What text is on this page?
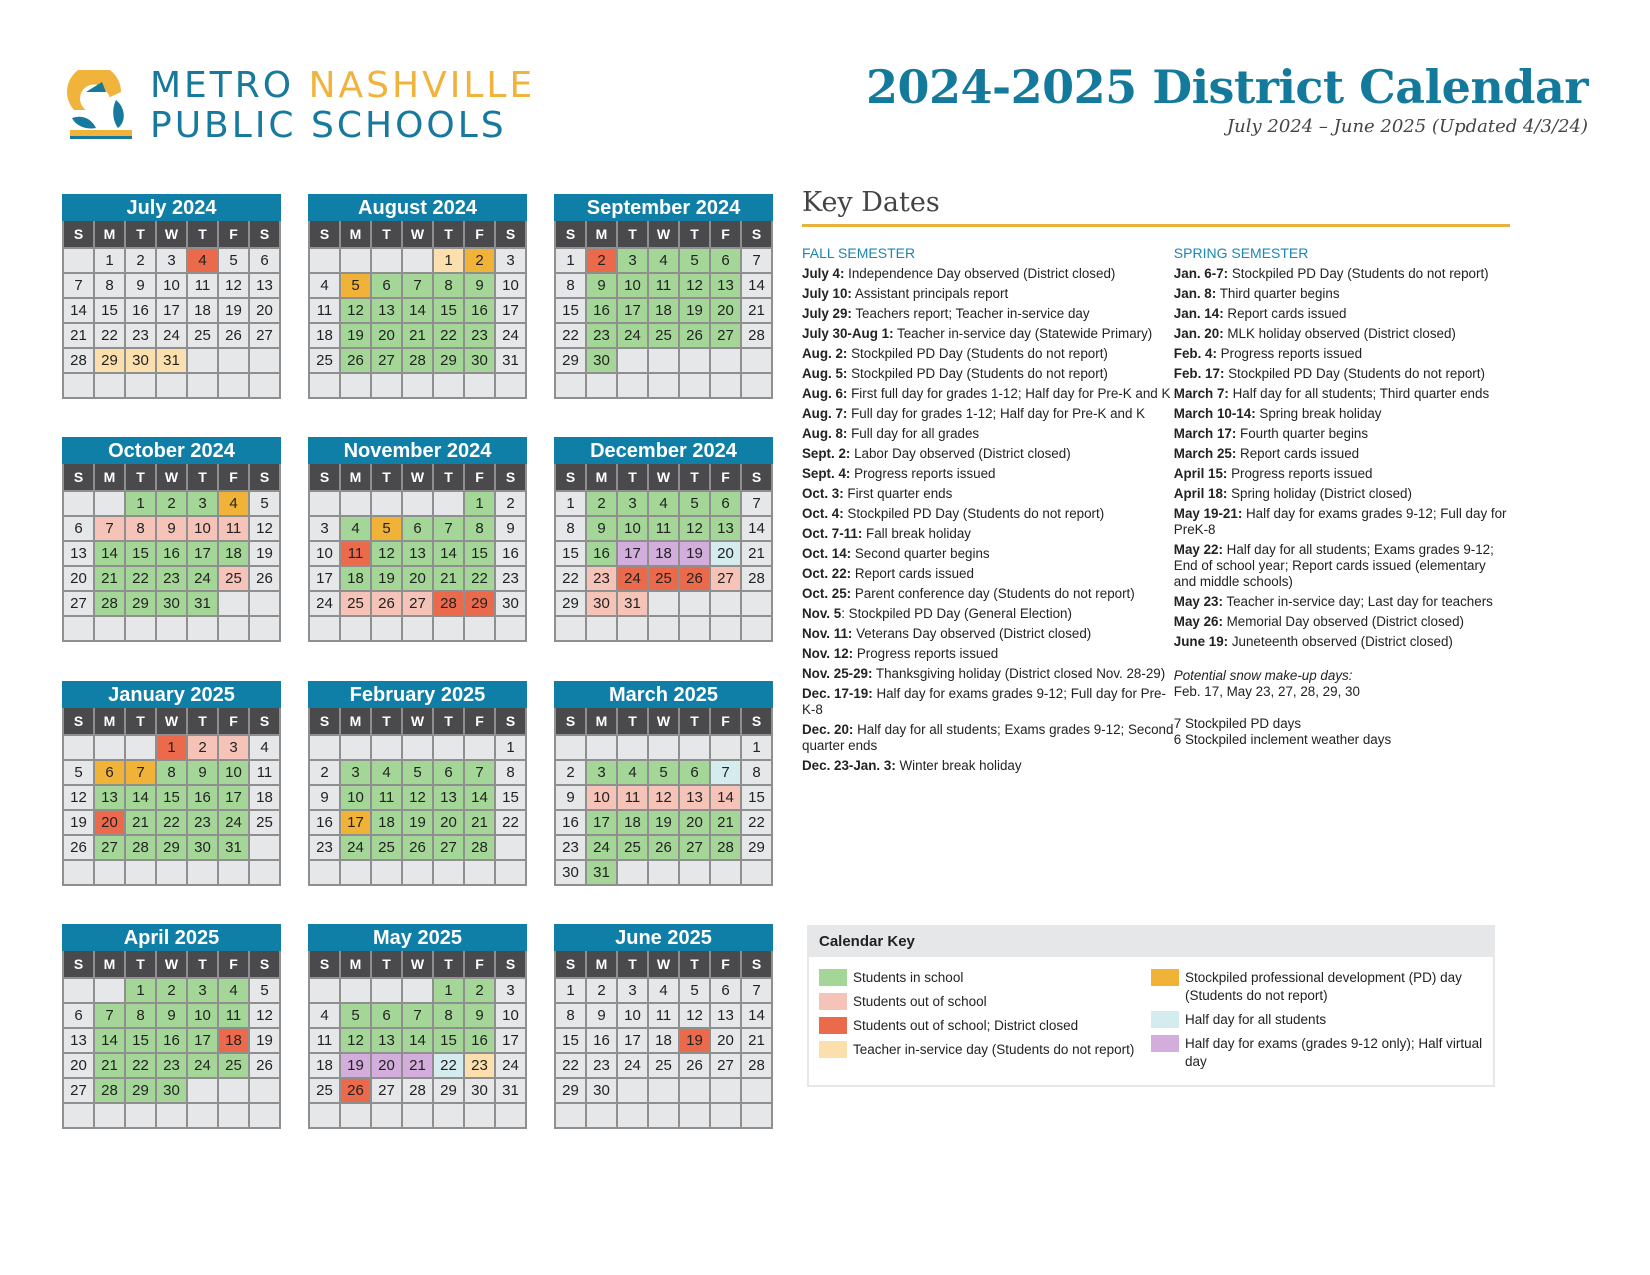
METRO NASHVILLE
PUBLIC SCHOOLS
2024-2025 District Calendar
July 2024 – June 2025 (Updated 4/3/24)
July 2024
S	M	T	W	T	F	S
	1	2	3	4	5	6
7	8	9	10	11	12	13
14	15	16	17	18	19	20
21	22	23	24	25	26	27
28	29	30	31			

August 2024
S	M	T	W	T	F	S
				1	2	3
4	5	6	7	8	9	10
11	12	13	14	15	16	17
18	19	20	21	22	23	24
25	26	27	28	29	30	31

September 2024
S	M	T	W	T	F	S
1	2	3	4	5	6	7
8	9	10	11	12	13	14
15	16	17	18	19	20	21
22	23	24	25	26	27	28
29	30					

October 2024
S	M	T	W	T	F	S
		1	2	3	4	5
6	7	8	9	10	11	12
13	14	15	16	17	18	19
20	21	22	23	24	25	26
27	28	29	30	31		

November 2024
S	M	T	W	T	F	S
					1	2
3	4	5	6	7	8	9
10	11	12	13	14	15	16
17	18	19	20	21	22	23
24	25	26	27	28	29	30

December 2024
S	M	T	W	T	F	S
1	2	3	4	5	6	7
8	9	10	11	12	13	14
15	16	17	18	19	20	21
22	23	24	25	26	27	28
29	30	31				

January 2025
S	M	T	W	T	F	S
			1	2	3	4
5	6	7	8	9	10	11
12	13	14	15	16	17	18
19	20	21	22	23	24	25
26	27	28	29	30	31	

February 2025
S	M	T	W	T	F	S
						1
2	3	4	5	6	7	8
9	10	11	12	13	14	15
16	17	18	19	20	21	22
23	24	25	26	27	28	

March 2025
S	M	T	W	T	F	S
						1
2	3	4	5	6	7	8
9	10	11	12	13	14	15
16	17	18	19	20	21	22
23	24	25	26	27	28	29
30	31					
April 2025
S	M	T	W	T	F	S
		1	2	3	4	5
6	7	8	9	10	11	12
13	14	15	16	17	18	19
20	21	22	23	24	25	26
27	28	29	30			

May 2025
S	M	T	W	T	F	S
				1	2	3
4	5	6	7	8	9	10
11	12	13	14	15	16	17
18	19	20	21	22	23	24
25	26	27	28	29	30	31

June 2025
S	M	T	W	T	F	S
1	2	3	4	5	6	7
8	9	10	11	12	13	14
15	16	17	18	19	20	21
22	23	24	25	26	27	28
29	30					

Key Dates
FALL SEMESTER
July 4: Independence Day observed (District closed)
July 10: Assistant principals report
July 29: Teachers report; Teacher in-service day
July 30-Aug 1: Teacher in-service day (Statewide Primary)
Aug. 2: Stockpiled PD Day (Students do not report)
Aug. 5: Stockpiled PD Day (Students do not report)
Aug. 6: First full day for grades 1-12; Half day for Pre-K and K
Aug. 7: Full day for grades 1-12; Half day for Pre-K and K
Aug. 8: Full day for all grades
Sept. 2: Labor Day observed (District closed)
Sept. 4: Progress reports issued
Oct. 3: First quarter ends
Oct. 4: Stockpiled PD Day (Students do not report)
Oct. 7-11: Fall break holiday
Oct. 14: Second quarter begins
Oct. 22: Report cards issued
Oct. 25: Parent conference day (Students do not report)
Nov. 5: Stockpiled PD Day (General Election)
Nov. 11: Veterans Day observed (District closed)
Nov. 12: Progress reports issued
Nov. 25-29: Thanksgiving holiday (District closed Nov. 28-29)
Dec. 17-19: Half day for exams grades 9-12; Full day for Pre-K-8
Dec. 20: Half day for all students; Exams grades 9-12; Second quarter ends
Dec. 23-Jan. 3: Winter break holiday
SPRING SEMESTER
Jan. 6-7: Stockpiled PD Day (Students do not report)
Jan. 8: Third quarter begins
Jan. 14: Report cards issued
Jan. 20: MLK holiday observed (District closed)
Feb. 4: Progress reports issued
Feb. 17: Stockpiled PD Day (Students do not report)
March 7: Half day for all students; Third quarter ends
March 10-14: Spring break holiday
March 17: Fourth quarter begins
March 25: Report cards issued
April 15: Progress reports issued
April 18: Spring holiday (District closed)
May 19-21: Half day for exams grades 9-12; Full day for PreK-8
May 22: Half day for all students; Exams grades 9-12; End of school year; Report cards issued (elementary and middle schools)
May 23: Teacher in-service day; Last day for teachers
May 26: Memorial Day observed (District closed)
June 19: Juneteenth observed (District closed)
Potential snow make-up days:
Feb. 17, May 23, 27, 28, 29, 30
7 Stockpiled PD days
6 Stockpiled inclement weather days
Calendar Key
Students in school
Students out of school
Students out of school; District closed
Teacher in-service day (Students do not report)
Stockpiled professional development (PD) day (Students do not report)
Half day for all students
Half day for exams (grades 9-12 only); Half virtual day
